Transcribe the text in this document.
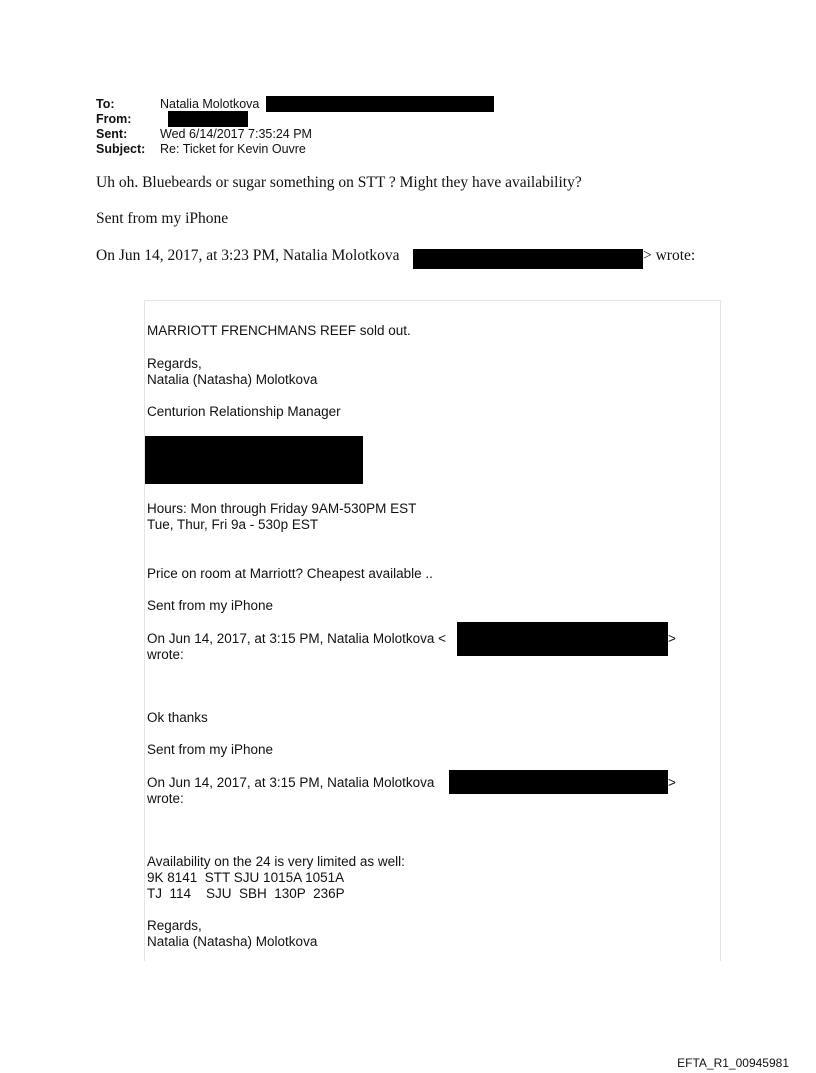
To:	Natalia Molotkova
From:
Sent:	Wed 6/14/2017 7:35:24 PM
Subject: Re: Ticket for Kevin Ouvre
Uh oh. Bluebeards or sugar something on STT ? Might they have availability?
Sent from my iPhone
On Jun 14, 2017, at 3:23 PM, Natalia Molotkova	> wrote:
MARRIOTT FRENCHMANS REEF sold out.
Regards,
Natalia (Natasha) Molotkova
Centurion Relationship Manager
Hours: Mon through Friday 9AM-530PM EST
Tue, Thur, Fri 9a - 530p EST
Price on room at Marriott? Cheapest available ..
Sent from my iPhone
On Jun 14, 2017, at 3:15 PM, Natalia Molotkova <	>
wrote:
Ok thanks
Sent from my iPhone
On Jun 14, 2017, at 3:15 PM, Natalia Molotkova	>
wrote:
Availability on the 24 is very limited as well:
9K 8141  STT SJU 1015A 1051A
TJ  114    SJU  SBH  130P  236P
Regards,
Natalia (Natasha) Molotkova
EFTA_R1_00945981
